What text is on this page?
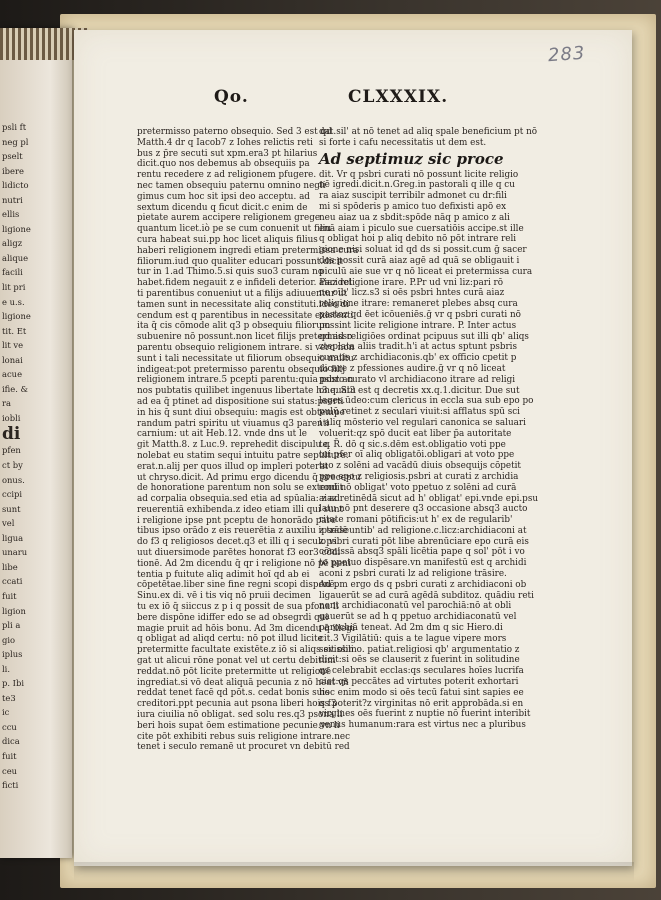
psli ft
neg pl
pselt
ibere
lidicto
nutri
ellis
ligione
aligz
alique
facili
lit pri
e u.s.
ligione
tit. Et
lit ve
lonai
acue
ifie. &
ra
iobli
di
pfen
ct by
onus.
ccipi
sunt
vel
ligua
unaru
libe
ccati
fuit
ligion
pli a
gio
iplus
li.
p. Ibi
te3
ic
ccu
dica
fuit
ceu
ficti
283
Qo.	CLXXXIX.
pretermisso paterno obsequio. Sed 3 est qd
Matth.4 dr q Iacob7 z Iohes relictis reti
bus z p̄re secuti sut xpm.era3 pt hilarius
dicit.quo nos debemus ab obsequiis pa
rentu recedere z ad religionem pfugere.
nec tamen obsequiu paternu omnino negli
gimus cum hoc sit ipsi deo acceptu. ad
sextum dicendu q ficut dicit.c enim de
pietate aurem accipere religionem grege
quantum licet.iò pe se cum conuenit ut filiu
cura habeat sui.pp hoc licet aliquis filius
haberi religionem ingredi etiam pretermissa cura
filiorum.iud quo qualiter educari possunt.dicit
tur in 1.ad Thimo.5.si quis suo3 curam no
habet.fidem negauit z e infideli deterior. Pacidet
ti parentibus conueniut ut a filijs adiuuentur ut
tamen sunt in necessitate aliq constituti.ideo di
cendum est q parentibus in necessitate existenti
ita q̄ cis cōmode alit q3 p obsequiu filiorum
subuenire nō possunt.non licet filijs pretermisso
parentu obsequio religionem intrare. si vero non
sunt i tali necessitate ut filiorum obsequio multu
indigeat:pot pretermisso parentu obsequio filij
religionem intrare.5 pcepti parentu:quia post an
nos pubtatis quilibet ingenuus libertate h3 quātu
ad ea q̄ ptinet ad dispositione sui status:pserti
in his q̄ sunt diui obsequiu: magis est obtempe
randum patri spiritu ut viuamus q3 parenti
carnium: ut ait Heb.12. vnde dns ut le
git Matth.8. z Luc.9. reprehedit discipulu q
nolebat eu statim sequi intuitu patre sepulture.
erat.n.alij per quos illud op impleri poterat
ut chryso.dicit. Ad primu ergo dicendu q̄ preceptu
de honoratione parentum non solu se extendit
ad corpalia obsequia.sed etia ad spūalia: z ad
reuerentiā exhibenda.z ideo etiam illi qui sunt
i religione ipse pnt pceptu de honorādo pare
tibus ipso orādo z eis reuerētia z auxiliu ipsedē
do f3 q religiosos decet.q3 et illi q i seculo vi
uut diuersimode parētes honorat f3 eor3 cōdi
tionē. Ad 2m dicendu q̄ qr i religione nō pē peni
tentia p fuitute aliq adimit hoī qd ab ei
cōpetētae.liber sine fine regni scopi disponē.
Sinu.ex di. vē i tis viq nō pruii decimen
tu ex iō q̄ siiccus z p i q possit de sua pfona li
bere dispōne idiffer edo se ad obsegrdi qui
magie pruit ad hōis bonu. Ad 3m dicendu q̄ illegi
q obligat ad aliqd certu: nō pot illud licite
pretermitte facultate existēte.z iō si aliqs sit obli
gat ut alicui rōne ponat vel ut certu debitum
reddat.nō pōt licite pretermitte ut religionē
ingrediat.si vō deat aliquā pecunia z nō heat vn̄
reddat tenet facē qd pōt.s. cedat bonis suis
creditori.ppt pecunia aut psona liberi hois f3
iura ciuilia nō obligat. sed solu res.q3 psona li
beri hois supat ōem estimatione pecunie.vn li
cite pōt exhibiti rebus suis religione intrare.nec
tenet i seculo remanē ut procuret vn debitū red
dat.sil' at nō tenet ad aliq spale beneficium pt nō
si forte i cafu necessitatis ut dem est.
Ad septimuz sic proce
dit. Vr q psbri curati nō possunt licite religio
nē igredi.dicit.n.Greg.in pastorali q ille q cu
ra aiaz suscipit terribilr admonet cu dr:fili
mi si spōderis p amico tuo defixisti apō ex
neu aiaz ua z sbdit:spōde nāq p amico z ali
enā aiam i piculo sue cuersatiōis accipe.st ille
q obligat hoi p aliq debito nō pōt intrare reli
gione nisi soluat id qd ds si possit.cum ḡ sacer
dos possit curā aiaz agē ad quā se obligauit i
piculū aie sue vr q nō liceat ei pretermissa cura
aiaz religione irare. P.Pr ud vni liz:pari rō
ne oīb' licz.s3 si oēs psbri hntes curā aiaz
religione itrare: remaneret plebes absq cura
pastoz qd ēet icōueniēs.ḡ vr q psbri curati nō
possint licite religione intrare. P. Inter actus
qd ad religiōes ordinat pcipuus sut illi qb' aliqs
zteplata aliis tradit.h'i at actus sptunt psbris
curatis z archidiaconis.qb' ex officio cpetit p
dicare z pfessiones audire.ḡ vr q nō liceat
psbro curato vl archidiacono itrare ad religi
one. Si3 est q decretis xx.q.1.dicitur. Due sut
leges.ūdeo:cum clericus in eccla sua sub epo po
pulū retinet z seculari viuit:si afflatus spū sci
i aliq mōsterio vel regulari canonica se saluari
voluerit:qz spō ducit eat liber p̄a autoritate
te. R̄. dō q sic.s.dēm est.obligatio voti ppe
tui pfer oī aliq obligatōi.obligari at voto ppe
tuo z solēni ad vacādū diuis obsequijs cōpetit
ppe epo z religiosis.psbri at curati z archidia
coni nō obligat' voto ppetuo z solēni ad curā
aiaz retinēdā sicut ad h' obligat' epi.vnde epi.psu
latu nō pnt deserere q3 occasione absq3 aucto
ritate romani pōtificis:ut h' ex de regularib'
z trāseuntib' ad religione.c.licz:archidiaconi at
z psbri curati pōt libe abrenūciare epo curā eis
cōmissā absq3 spāli licētia pape q sol' pōt i vo
to ppetuo dispēsare.vn manifestū est q archidi
aconi z psbri curati lz ad religione trāsire.
Ad pm ergo ds q psbri curati z archidiaconi ob
ligauerūt se ad curā agēdā subditoz. quādiu reti
nent archidiaconatū vel parochiā:nō at obli
gauerūt se ad h q ppetuo archidiaconatū vel
parochiā teneat. Ad 2m dm q sic Hiero.di
cit.3 Vigilātiū: quis a te lague vipere mors
sevissimo. patiat.religiosi qb' argumentatio z
dicit:si oēs se clauserit z fuerint in solitudine
qs celebrabit ecclas:qs seculares hoīes lucrifa
ciet:qs peccātes ad virtutes poterit exhortari
hoc enim modo si oēs tecū fatui sint sapies ee
qs poterit?z virginitas nō erit approbāda.si en
virgines oēs fuerint z nuptie nō fuerint interibit
genus humanum:rara est virtus nec a pluribus
